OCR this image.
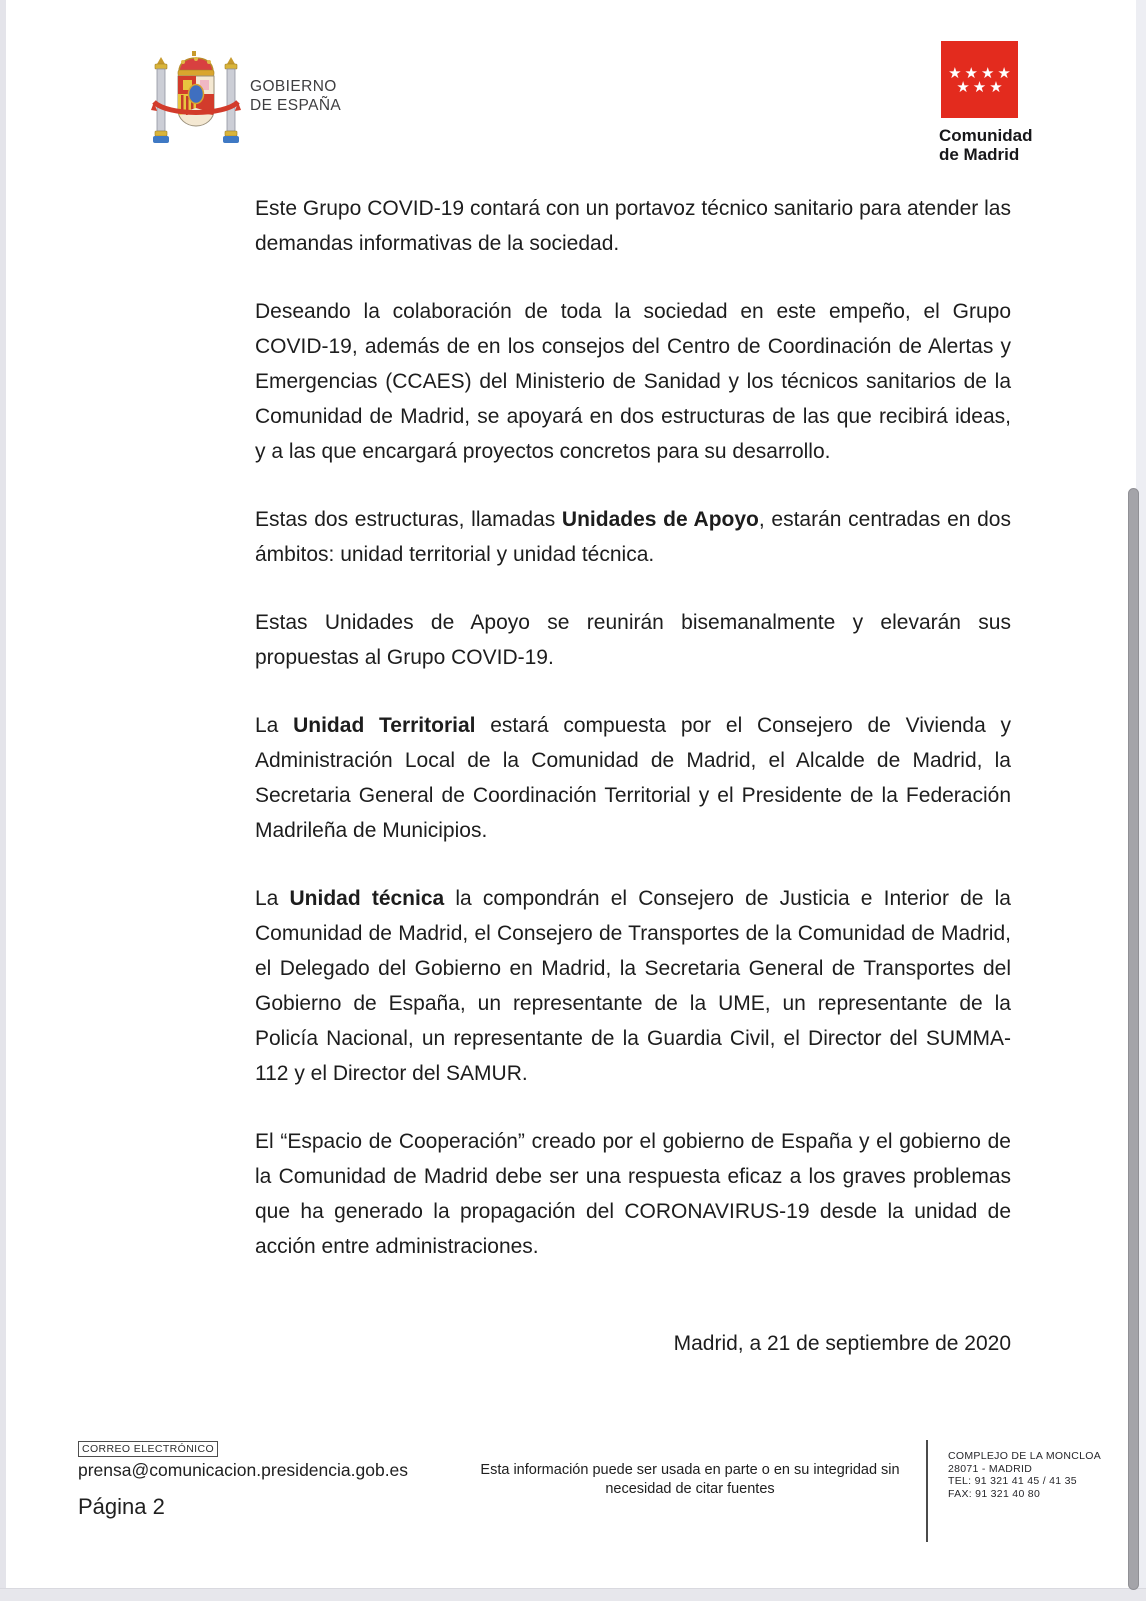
GOBIERNO
DE ESPAÑA
★★★★
★★★
Comunidad
de Madrid

Este Grupo COVID-19 contará con un portavoz técnico sanitario para atender las demandas informativas de la sociedad.

Deseando la colaboración de toda la sociedad en este empeño, el Grupo COVID-19, además de en los consejos del Centro de Coordinación de Alertas y Emergencias (CCAES) del Ministerio de Sanidad y los técnicos sanitarios de la Comunidad de Madrid, se apoyará en dos estructuras de las que recibirá ideas, y a las que encargará proyectos concretos para su desarrollo.

Estas dos estructuras, llamadas Unidades de Apoyo, estarán centradas en dos ámbitos: unidad territorial y unidad técnica.

Estas Unidades de Apoyo se reunirán bisemanalmente y elevarán sus propuestas al Grupo COVID-19.

La Unidad Territorial estará compuesta por el Consejero de Vivienda y Administración Local de la Comunidad de Madrid, el Alcalde de Madrid, la Secretaria General de Coordinación Territorial y el Presidente de la Federación Madrileña de Municipios.

La Unidad técnica la compondrán el Consejero de Justicia e Interior de la Comunidad de Madrid, el Consejero de Transportes de la Comunidad de Madrid, el Delegado del Gobierno en Madrid, la Secretaria General de Transportes del Gobierno de España, un representante de la UME, un representante de la Policía Nacional, un representante de la Guardia Civil, el Director del SUMMA-112 y el Director del SAMUR.

El “Espacio de Cooperación” creado por el gobierno de España y el gobierno de la Comunidad de Madrid debe ser una respuesta eficaz a los graves problemas que ha generado la propagación del CORONAVIRUS-19 desde la unidad de acción entre administraciones.

Madrid, a 21 de septiembre de 2020
CORREO ELECTRÓNICO
prensa@comunicacion.presidencia.gob.es
Página 2
Esta información puede ser usada en parte o en su integridad sin
necesidad de citar fuentes
COMPLEJO DE LA MONCLOA
28071 - MADRID
TEL: 91 321 41 45 / 41 35
FAX: 91 321 40 80
